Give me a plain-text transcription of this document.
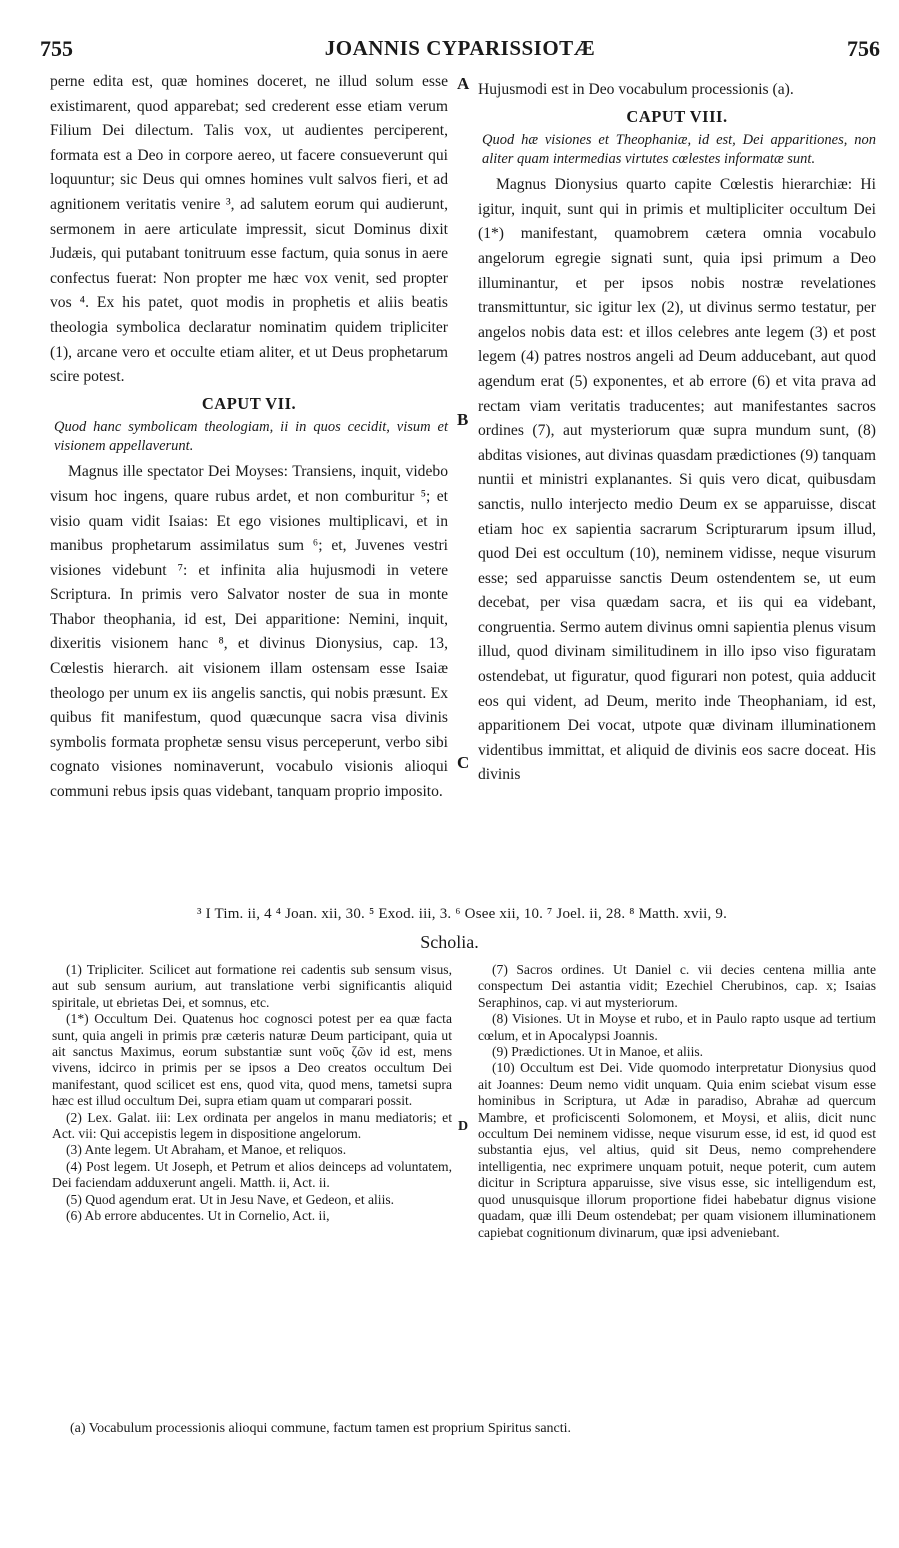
755	JOANNIS CYPARISSIOTÆ	756
A
B
C
D

perne edita est, quæ homines doceret, ne illud solum esse existimarent, quod apparebat; sed crederent esse etiam verum Filium Dei dilectum. Talis vox, ut audientes perciperent, formata est a Deo in corpore aereo, ut facere consueverunt qui loquuntur; sic Deus qui omnes homines vult salvos fieri, et ad agnitionem veritatis venire ³, ad salutem eorum qui audierunt, sermonem in aere articulate impressit, sicut Dominus dixit Judæis, qui putabant tonitruum esse factum, quia sonus in aere confectus fuerat: Non propter me hæc vox venit, sed propter vos ⁴. Ex his patet, quot modis in prophetis et aliis beatis theologia symbolica declaratur nominatim quidem tripliciter (1), arcane vero et occulte etiam aliter, et ut Deus prophetarum scire potest.

CAPUT VII.
Quod hanc symbolicam theologiam, ii in quos cecidit, visum et visionem appellaverunt.

Magnus ille spectator Dei Moyses: Transiens, inquit, videbo visum hoc ingens, quare rubus ardet, et non comburitur ⁵; et visio quam vidit Isaias: Et ego visiones multiplicavi, et in manibus prophetarum assimilatus sum ⁶; et, Juvenes vestri visiones videbunt ⁷: et infinita alia hujusmodi in vetere Scriptura. In primis vero Salvator noster de sua in monte Thabor theophania, id est, Dei apparitione: Nemini, inquit, dixeritis visionem hanc ⁸, et divinus Dionysius, cap. 13, Cœlestis hierarch. ait visionem illam ostensam esse Isaiæ theologo per unum ex iis angelis sanctis, qui nobis præsunt. Ex quibus fit manifestum, quod quæcunque sacra visa divinis symbolis formata prophetæ sensu visus perceperunt, verbo sibi cognato visiones nominaverunt, vocabulo visionis alioqui communi rebus ipsis quas videbant, tanquam proprio imposito.

Hujusmodi est in Deo vocabulum processionis (a).

CAPUT VIII.
Quod hæ visiones et Theophaniæ, id est, Dei apparitiones, non aliter quam intermedias virtutes cœlestes informatæ sunt.

Magnus Dionysius quarto capite Cœlestis hierarchiæ: Hi igitur, inquit, sunt qui in primis et multipliciter occultum Dei (1*) manifestant, quamobrem cætera omnia vocabulo angelorum egregie signati sunt, quia ipsi primum a Deo illuminantur, et per ipsos nobis nostræ revelationes transmittuntur, sic igitur lex (2), ut divinus sermo testatur, per angelos nobis data est: et illos celebres ante legem (3) et post legem (4) patres nostros angeli ad Deum adducebant, aut quod agendum erat (5) exponentes, et ab errore (6) et vita prava ad rectam viam veritatis traducentes; aut manifestantes sacros ordines (7), aut mysteriorum quæ supra mundum sunt, (8) abditas visiones, aut divinas quasdam prædictiones (9) tanquam nuntii et ministri explanantes. Si quis vero dicat, quibusdam sanctis, nullo interjecto medio Deum ex se apparuisse, discat etiam hoc ex sapientia sacrarum Scripturarum ipsum illud, quod Dei est occultum (10), neminem vidisse, neque visurum esse; sed apparuisse sanctis Deum ostendentem se, ut eum decebat, per visa quædam sacra, et iis qui ea videbant, congruentia. Sermo autem divinus omni sapientia plenus visum illud, quod divinam similitudinem in illo ipso viso figuratam ostendebat, ut figuratur, quod figurari non potest, quia adducit eos qui vident, ad Deum, merito inde Theophaniam, id est, apparitionem Dei vocat, utpote quæ divinam illuminationem videntibus immittat, et aliquid de divinis eos sacre doceat. His divinis

³ I Tim. ii, 4 ⁴ Joan. xii, 30. ⁵ Exod. iii, 3. ⁶ Osee xii, 10. ⁷ Joel. ii, 28. ⁸ Matth. xvii, 9.
Scholia.

(1) Tripliciter. Scilicet aut formatione rei cadentis sub sensum visus, aut sub sensum aurium, aut translatione verbi significantis aliquid spiritale, ut ebrietas Dei, et somnus, etc.

(1*) Occultum Dei. Quatenus hoc cognosci potest per ea quæ facta sunt, quia angeli in primis præ cæteris naturæ Deum participant, quia ut ait sanctus Maximus, eorum substantiæ sunt νοῦς ζῶν id est, mens vivens, idcirco in primis per se ipsos a Deo creatos occultum Dei manifestant, quod scilicet est ens, quod vita, quod mens, tametsi supra hæc est illud occultum Dei, supra etiam quam ut comparari possit.

(2) Lex. Galat. iii: Lex ordinata per angelos in manu mediatoris; et Act. vii: Qui accepistis legem in dispositione angelorum.

(3) Ante legem. Ut Abraham, et Manoe, et reliquos.

(4) Post legem. Ut Joseph, et Petrum et alios deinceps ad voluntatem, Dei faciendam adduxerunt angeli. Matth. ii, Act. ii.

(5) Quod agendum erat. Ut in Jesu Nave, et Gedeon, et aliis.

(6) Ab errore abducentes. Ut in Cornelio, Act. ii,

(7) Sacros ordines. Ut Daniel c. vii decies centena millia ante conspectum Dei astantia vidit; Ezechiel Cherubinos, cap. x; Isaias Seraphinos, cap. vi aut mysteriorum.

(8) Visiones. Ut in Moyse et rubo, et in Paulo rapto usque ad tertium cœlum, et in Apocalypsi Joannis.

(9) Prædictiones. Ut in Manoe, et aliis.

(10) Occultum est Dei. Vide quomodo interpretatur Dionysius quod ait Joannes: Deum nemo vidit unquam. Quia enim sciebat visum esse hominibus in Scriptura, ut Adæ in paradiso, Abrahæ ad quercum Mambre, et proficiscenti Solomonem, et Moysi, et aliis, dicit nunc occultum Dei neminem vidisse, neque visurum esse, id est, id quod est substantia ejus, vel altius, quid sit Deus, nemo comprehendere intelligentia, nec exprimere unquam potuit, neque poterit, cum autem dicitur in Scriptura apparuisse, sive visus esse, sic intelligendum est, quod unusquisque illorum proportione fidei habebatur dignus visione quadam, quæ illi Deum ostendebat; per quam visionem illuminationem capiebat cognitionum divinarum, quæ ipsi adveniebant.

(a) Vocabulum processionis alioqui commune, factum tamen est proprium Spiritus sancti.
